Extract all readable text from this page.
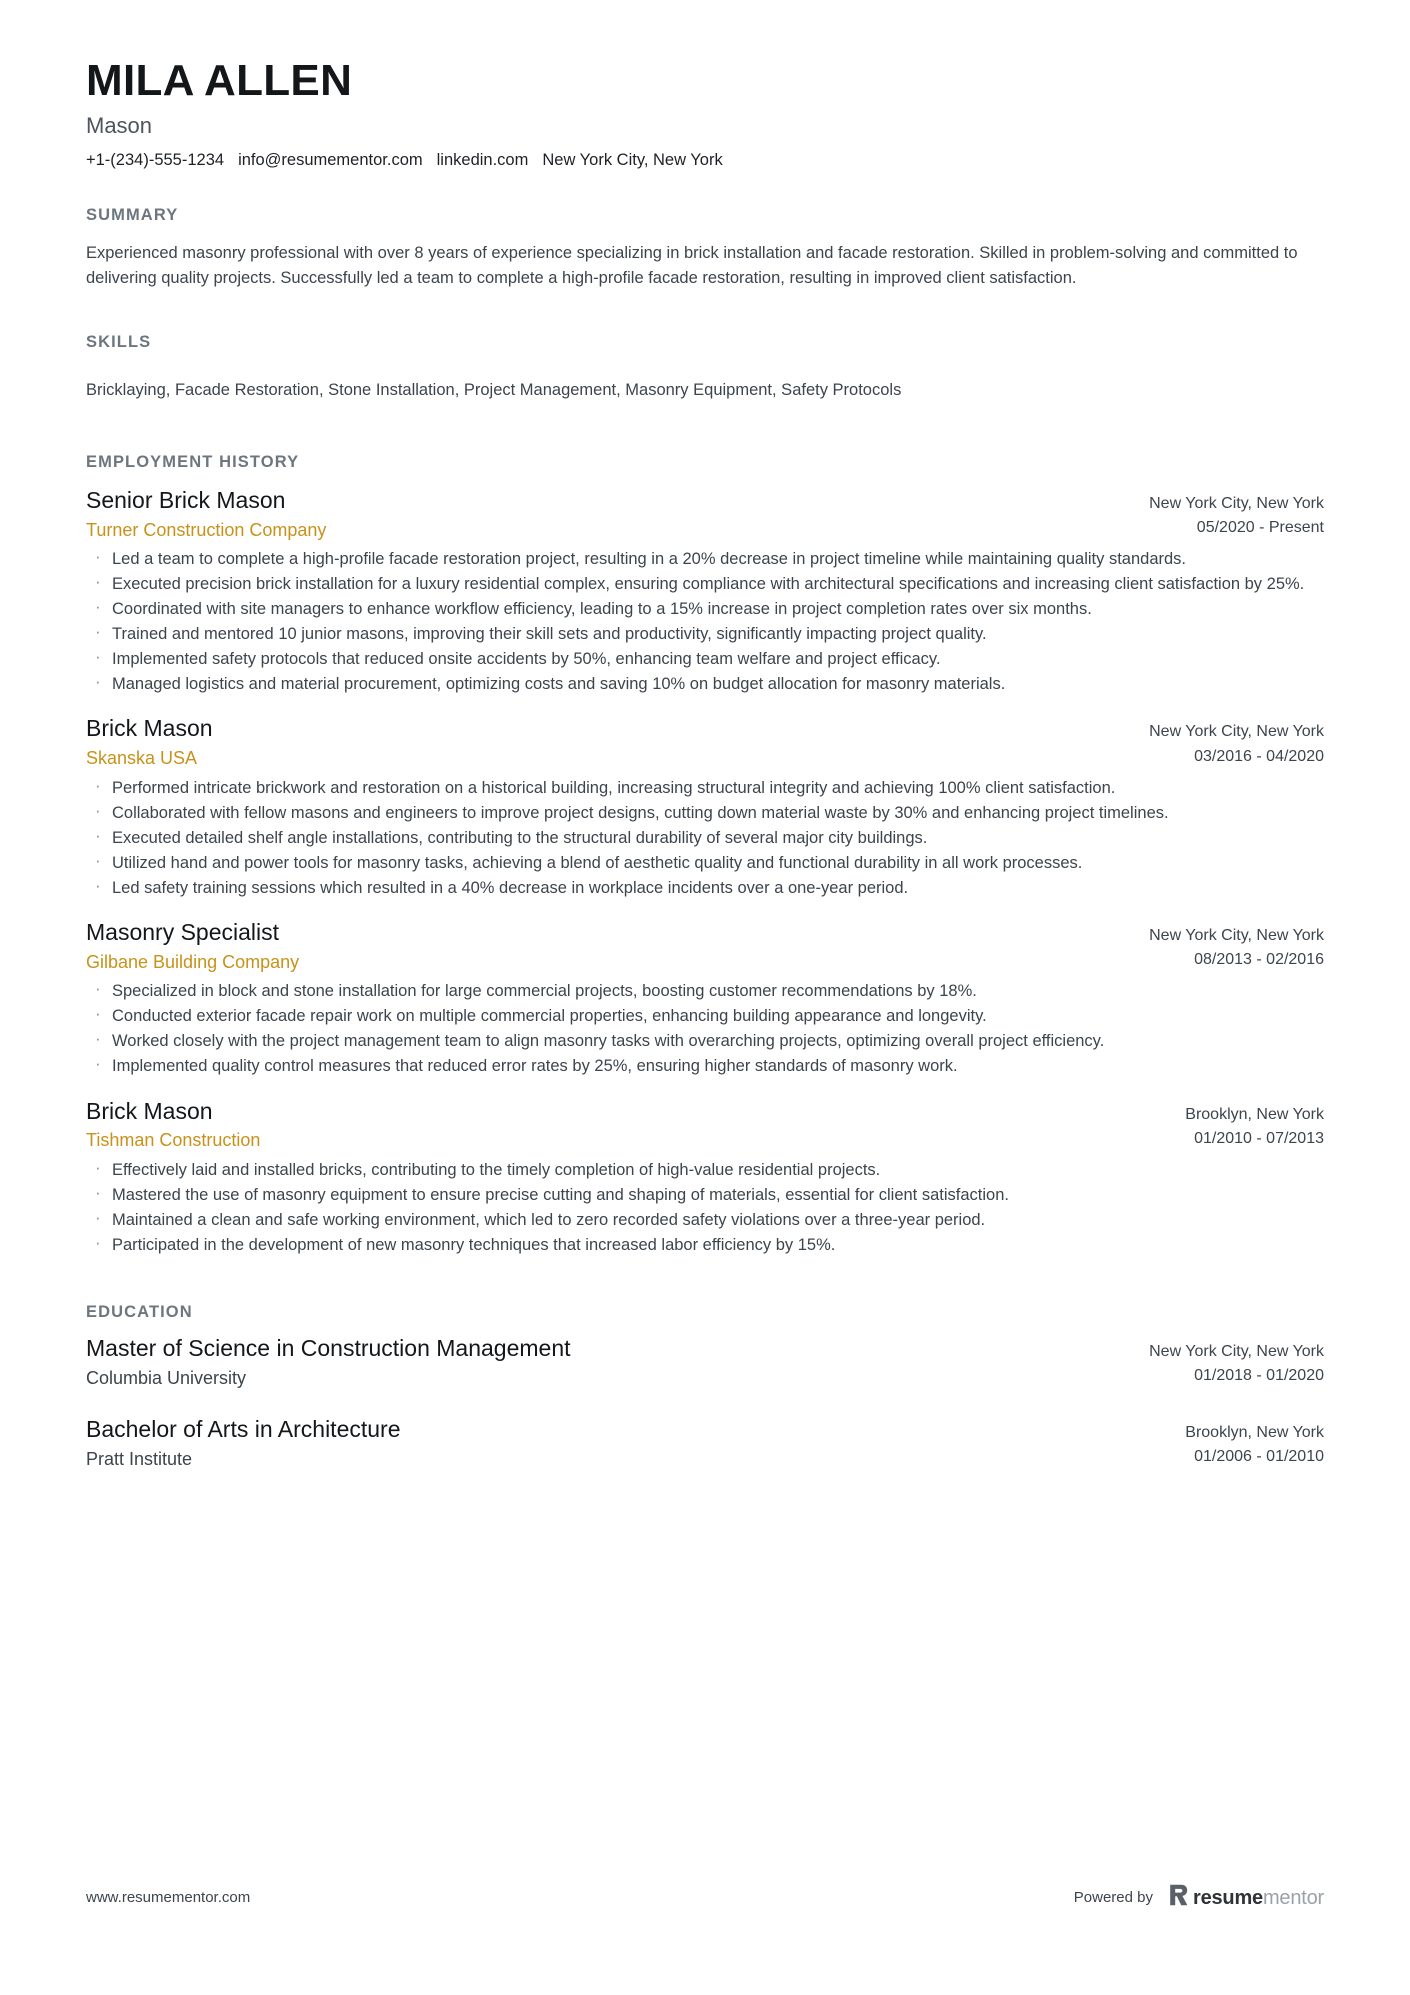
MILA ALLEN
Mason
+1-(234)-555-1234 info@resumementor.com linkedin.com New York City, New York
SUMMARY
Experienced masonry professional with over 8 years of experience specializing in brick installation and facade restoration. Skilled in problem-solving and committed to delivering quality projects. Successfully led a team to complete a high-profile facade restoration, resulting in improved client satisfaction.
SKILLS
Bricklaying, Facade Restoration, Stone Installation, Project Management, Masonry Equipment, Safety Protocols
EMPLOYMENT HISTORY
Senior Brick Mason
Turner Construction Company
New York City, New York
05/2020 - Present
· Led a team to complete a high-profile facade restoration project, resulting in a 20% decrease in project timeline while maintaining quality standards.
· Executed precision brick installation for a luxury residential complex, ensuring compliance with architectural specifications and increasing client satisfaction by 25%.
· Coordinated with site managers to enhance workflow efficiency, leading to a 15% increase in project completion rates over six months.
· Trained and mentored 10 junior masons, improving their skill sets and productivity, significantly impacting project quality.
· Implemented safety protocols that reduced onsite accidents by 50%, enhancing team welfare and project efficacy.
· Managed logistics and material procurement, optimizing costs and saving 10% on budget allocation for masonry materials.
Brick Mason
Skanska USA
New York City, New York
03/2016 - 04/2020
· Performed intricate brickwork and restoration on a historical building, increasing structural integrity and achieving 100% client satisfaction.
· Collaborated with fellow masons and engineers to improve project designs, cutting down material waste by 30% and enhancing project timelines.
· Executed detailed shelf angle installations, contributing to the structural durability of several major city buildings.
· Utilized hand and power tools for masonry tasks, achieving a blend of aesthetic quality and functional durability in all work processes.
· Led safety training sessions which resulted in a 40% decrease in workplace incidents over a one-year period.
Masonry Specialist
Gilbane Building Company
New York City, New York
08/2013 - 02/2016
· Specialized in block and stone installation for large commercial projects, boosting customer recommendations by 18%.
· Conducted exterior facade repair work on multiple commercial properties, enhancing building appearance and longevity.
· Worked closely with the project management team to align masonry tasks with overarching projects, optimizing overall project efficiency.
· Implemented quality control measures that reduced error rates by 25%, ensuring higher standards of masonry work.
Brick Mason
Tishman Construction
Brooklyn, New York
01/2010 - 07/2013
· Effectively laid and installed bricks, contributing to the timely completion of high-value residential projects.
· Mastered the use of masonry equipment to ensure precise cutting and shaping of materials, essential for client satisfaction.
· Maintained a clean and safe working environment, which led to zero recorded safety violations over a three-year period.
· Participated in the development of new masonry techniques that increased labor efficiency by 15%.
EDUCATION
Master of Science in Construction Management
Columbia University
New York City, New York
01/2018 - 01/2020
Bachelor of Arts in Architecture
Pratt Institute
Brooklyn, New York
01/2006 - 01/2010
www.resumementor.com	Powered by resumementor
